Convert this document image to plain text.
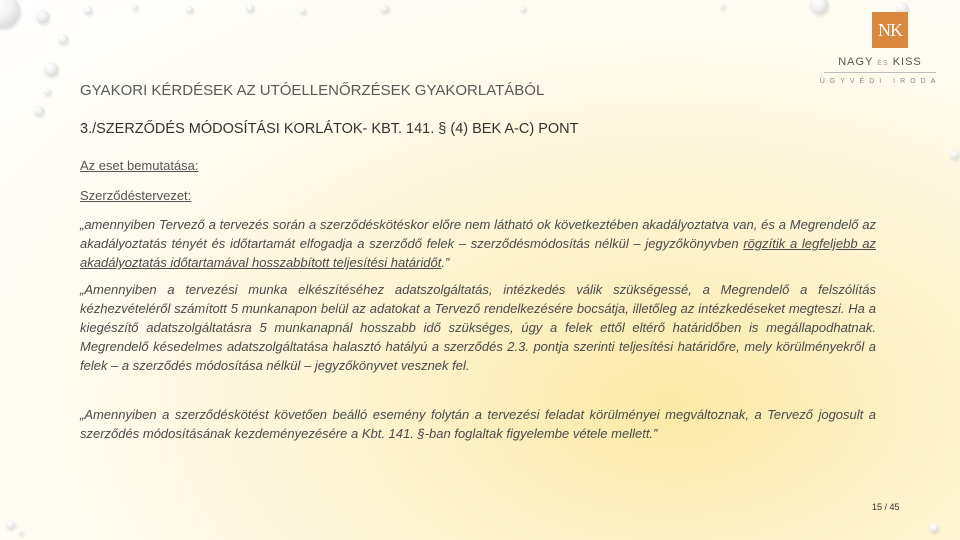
NK
NAGY ÉS KISS
ÜGYVÉDI IRODA
GYAKORI KÉRDÉSEK AZ UTÓELLENŐRZÉSEK GYAKORLATÁBÓL
3./SZERZŐDÉS MÓDOSÍTÁSI KORLÁTOK- KBT. 141. § (4) BEK A-C) PONT
Az eset bemutatása:
Szerződéstervezet:

„amennyiben Tervező a tervezés során a szerződéskötéskor előre nem látható ok következtében akadályoztatva van, és a Megrendelő az akadályoztatás tényét és időtartamát elfogadja a szerződő felek – szerződésmódosítás nélkül – jegyzőkönyvben rögzítik a legfeljebb az akadályoztatás időtartamával hosszabbított teljesítési határidőt.”

„Amennyiben a tervezési munka elkészítéséhez adatszolgáltatás, intézkedés válik szükségessé, a Megrendelő a felszólítás kézhezvételéről számított 5 munkanapon belül az adatokat a Tervező rendelkezésére bocsátja, illetőleg az intézkedéseket megteszi. Ha a kiegészítő adatszolgáltatásra 5 munkanapnál hosszabb idő szükséges, úgy a felek ettől eltérő határidőben is megállapodhatnak. Megrendelő késedelmes adatszolgáltatása halasztó hatályú a szerződés 2.3. pontja szerinti teljesítési határidőre, mely körülményekről a felek – a szerződés módosítása nélkül – jegyzőkönyvet vesznek fel.

„Amennyiben a szerződéskötést követően beálló esemény folytán a tervezési feladat körülményei megváltoznak, a Tervező jogosult a szerződés módosításának kezdeményezésére a Kbt. 141. §-ban foglaltak figyelembe vétele mellett.”

15 / 45
